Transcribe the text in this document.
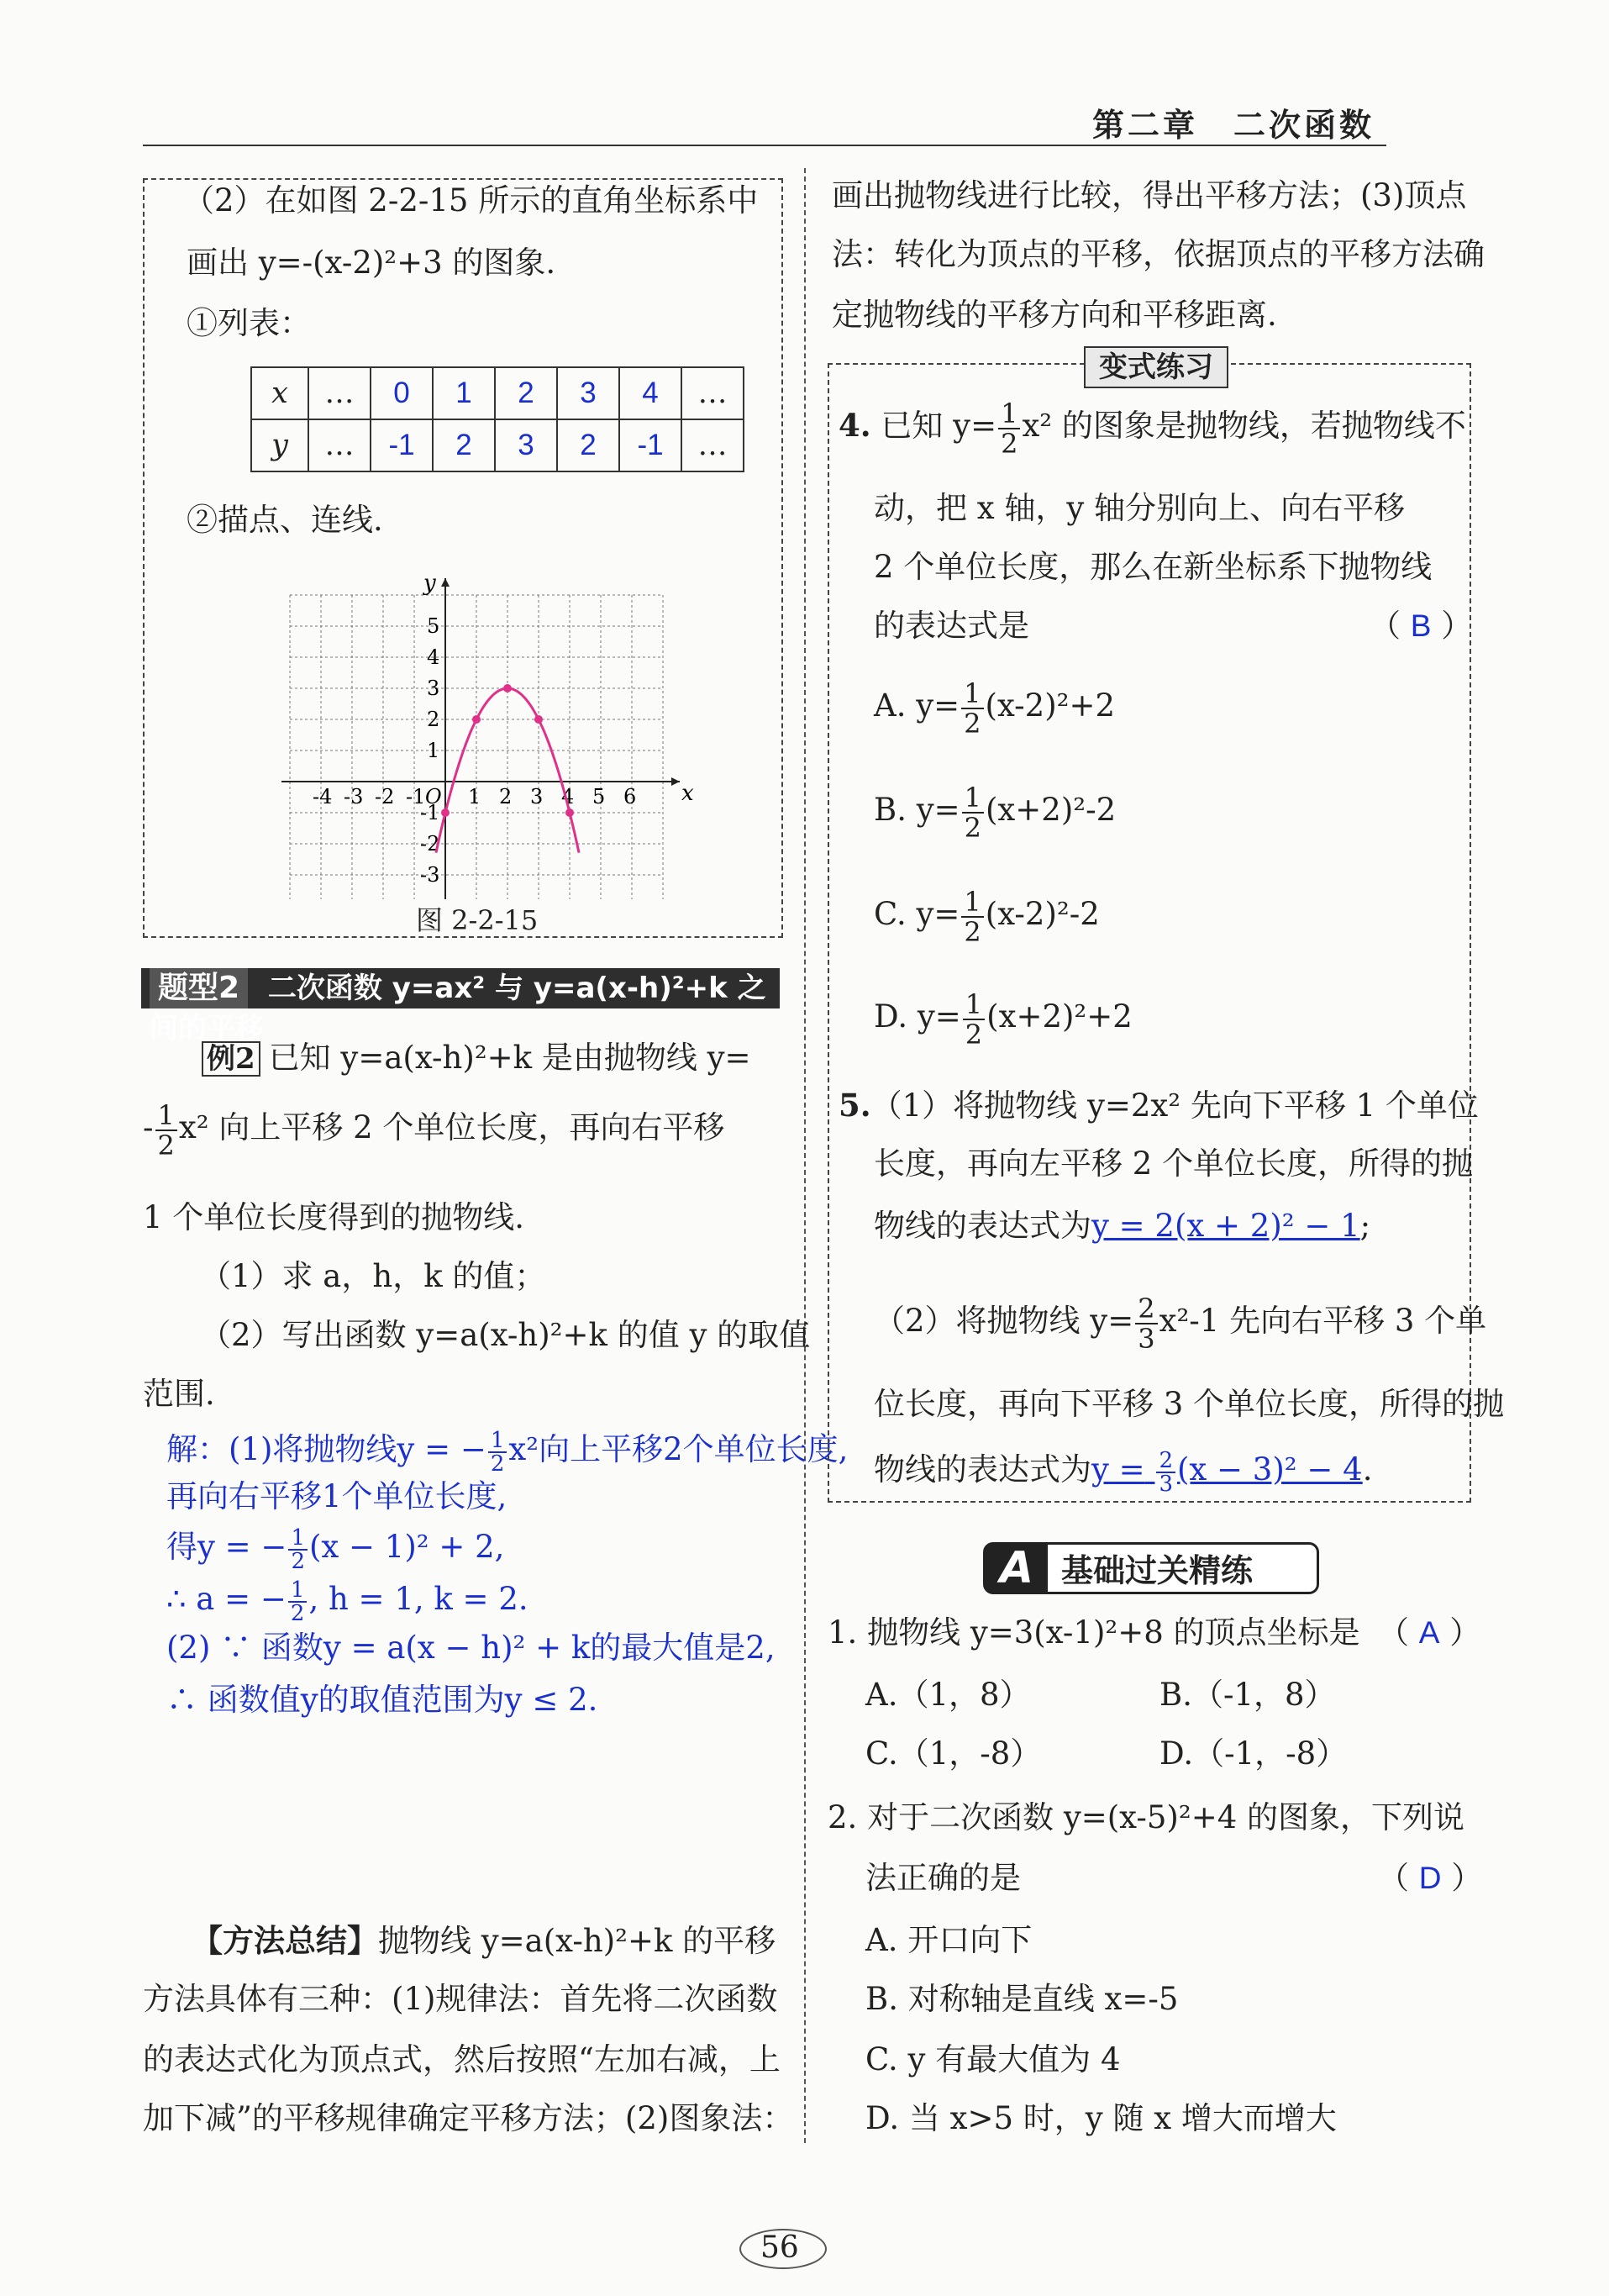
第二章　二次函数
（2）在如图 2-2-15 所示的直角坐标系中
画出 y=-(x-2)²+3 的图象.
①列表：
x	…	0	1	2	3	4	…
y	…	-1	2	3	2	-1	…
②描点、连线.
x
y
-4 -3 -2 -1 O 1 2 3 4 5 6
5
4
3
2
1
-1
-2
-3
图 2-2-15
题型2 二次函数 y=ax² 与 y=a(x-h)²+k 之间的平移
例2 已知 y=a(x-h)²+k 是由抛物线 y=
- $\frac{1}{2} x^2$ 向上平移 2 个单位长度，再向右平移
1 个单位长度得到的抛物线.
（1）求 a，h，k 的值；
（2）写出函数 y=a(x-h)²+k 的值 y 的取值
范围.
解：(1)将抛物线y = − $\frac{1}{2} x^2$向上平移2个单位长度,
再向右平移1个单位长度,
得y = − $\frac{1}{2} (x - 1)^2 + 2$,
∴ a = − $\frac{1}{2}$ , h = 1, k = 2.
(2) ∵ 函数y = a(x − h)² + k的最大值是2,
∴ 函数值y的取值范围为y ≤ 2.
【方法总结】抛物线 y=a(x-h)²+k 的平移
方法具体有三种：(1)规律法：首先将二次函数
的表达式化为顶点式，然后按照“左加右减，上
加下减”的平移规律确定平移方法；(2)图象法：
画出抛物线进行比较，得出平移方法；(3)顶点
法：转化为顶点的平移，依据顶点的平移方法确
定抛物线的平移方向和平移距离.
变式练习
4. 已知 $y= \frac{1}{2} x^2$ 的图象是抛物线，若抛物线不
动，把 x 轴，y 轴分别向上、向右平移
2 个单位长度，那么在新坐标系下抛物线
的表达式是	（ B ）
A. $y= \frac{1}{2} (x-2)^2+2$
B. $y= \frac{1}{2} (x+2)^2-2$
C. $y= \frac{1}{2} (x-2)^2-2$
D. $y= \frac{1}{2} (x+2)^2+2$
5.（1）将抛物线 y=2x² 先向下平移 1 个单位
长度，再向左平移 2 个单位长度，所得的抛
物线的表达式为y = 2(x + 2)² − 1;
（2）将抛物线 $y= \frac{2}{3} x^2-1$ 先向右平移 3 个单
位长度，再向下平移 3 个单位长度，所得的抛
物线的表达式为$y = \frac{2}{3} (x - 3)^2 - 4$.
A 基础过关精练
1. 抛物线 y=3(x-1)²+8 的顶点坐标是 （ A ）
A.（1，8）	B.（-1，8）
C.（1，-8）	D.（-1，-8）
2. 对于二次函数 y=(x-5)²+4 的图象，下列说
法正确的是	（ D ）
A. 开口向下
B. 对称轴是直线 x=-5
C. y 有最大值为 4
D. 当 x>5 时，y 随 x 增大而增大
56
